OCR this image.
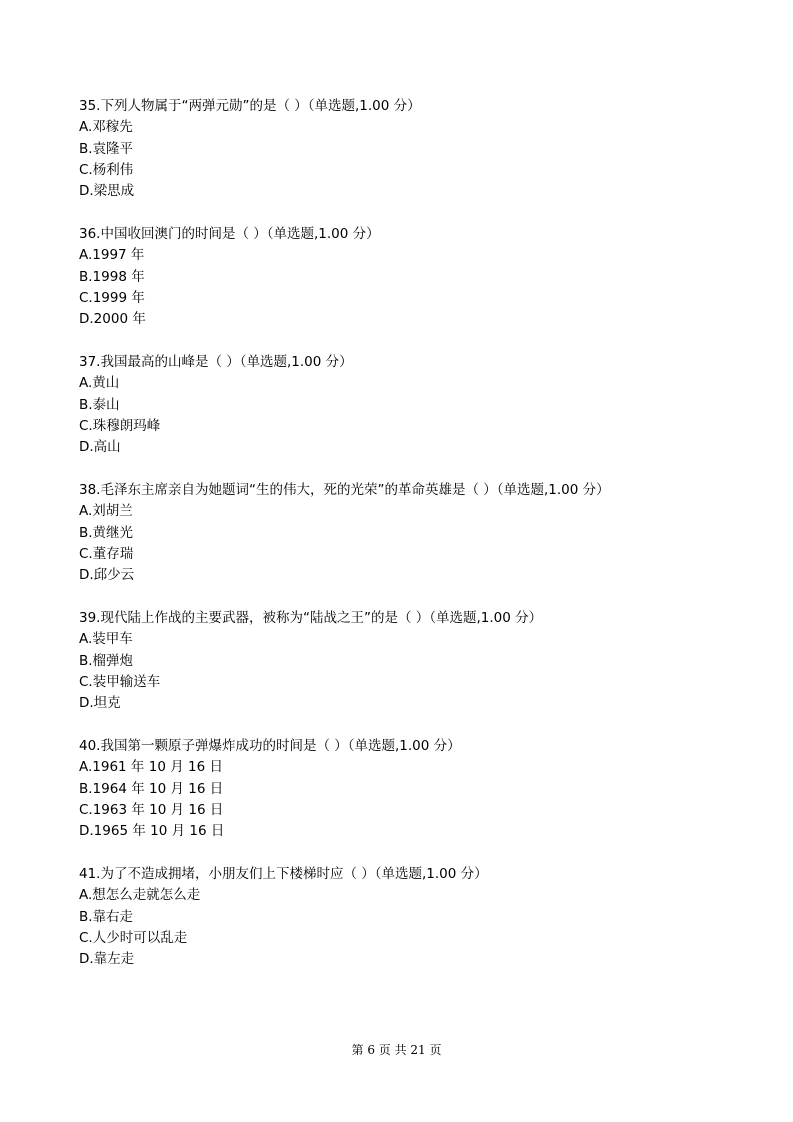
35.下列人物属于“两弹元勋”的是（ ）（单选题,1.00 分）
A.邓稼先
B.袁隆平
C.杨利伟
D.梁思成
36.中国收回澳门的时间是（ ）（单选题,1.00 分）
A.1997 年
B.1998 年
C.1999 年
D.2000 年
37.我国最高的山峰是（ ）（单选题,1.00 分）
A.黄山
B.泰山
C.珠穆朗玛峰
D.高山
38.毛泽东主席亲自为她题词“生的伟大，死的光荣”的革命英雄是（ ）（单选题,1.00 分）
A.刘胡兰
B.黄继光
C.董存瑞
D.邱少云
39.现代陆上作战的主要武器，被称为“陆战之王”的是（ ）（单选题,1.00 分）
A.装甲车
B.榴弹炮
C.装甲输送车
D.坦克
40.我国第一颗原子弹爆炸成功的时间是（ ）（单选题,1.00 分）
A.1961 年 10 月 16 日
B.1964 年 10 月 16 日
C.1963 年 10 月 16 日
D.1965 年 10 月 16 日
41.为了不造成拥堵，小朋友们上下楼梯时应（ ）（单选题,1.00 分）
A.想怎么走就怎么走
B.靠右走
C.人少时可以乱走
D.靠左走
第 6 页 共 21 页
